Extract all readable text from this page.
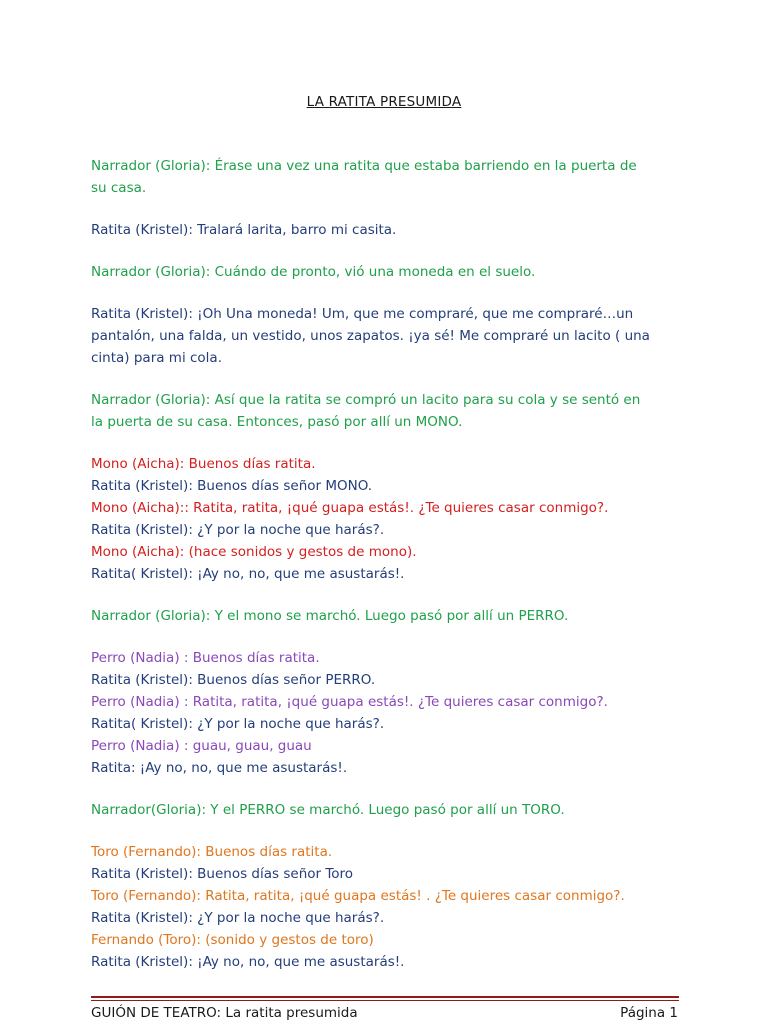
LA RATITA PRESUMIDA

Narrador (Gloria): Érase una vez una ratita que estaba barriendo en la puerta de

su casa.

Ratita (Kristel): Tralará larita, barro mi casita.

Narrador (Gloria): Cuándo de pronto, vió una moneda en el suelo.

Ratita (Kristel): ¡Oh Una moneda! Um, que me compraré, que me compraré…un

pantalón, una falda, un vestido, unos zapatos. ¡ya sé! Me compraré un lacito ( una

cinta) para mi cola.

Narrador (Gloria): Así que la ratita se compró un lacito para su cola y se sentó en

la puerta de su casa. Entonces, pasó por allí un MONO.

Mono (Aicha): Buenos días ratita.

Ratita (Kristel): Buenos días señor MONO.

Mono (Aicha):: Ratita, ratita, ¡qué guapa estás!. ¿Te quieres casar conmigo?.

Ratita (Kristel): ¿Y por la noche que harás?.

Mono (Aicha): (hace sonidos y gestos de mono).

Ratita( Kristel): ¡Ay no, no, que me asustarás!.

Narrador (Gloria): Y el mono se marchó. Luego pasó por allí un PERRO.

Perro (Nadia) : Buenos días ratita.

Ratita (Kristel): Buenos días señor PERRO.

Perro (Nadia) : Ratita, ratita, ¡qué guapa estás!. ¿Te quieres casar conmigo?.

Ratita( Kristel): ¿Y por la noche que harás?.

Perro (Nadia) : guau, guau, guau

Ratita: ¡Ay no, no, que me asustarás!.

Narrador(Gloria): Y el PERRO se marchó. Luego pasó por allí un TORO.

Toro (Fernando): Buenos días ratita.

Ratita (Kristel): Buenos días señor Toro

Toro (Fernando): Ratita, ratita, ¡qué guapa estás! . ¿Te quieres casar conmigo?.

Ratita (Kristel): ¿Y por la noche que harás?.

Fernando (Toro): (sonido y gestos de toro)

Ratita (Kristel): ¡Ay no, no, que me asustarás!.

GUIÓN DE TEATRO: La ratita presumida	Página 1
